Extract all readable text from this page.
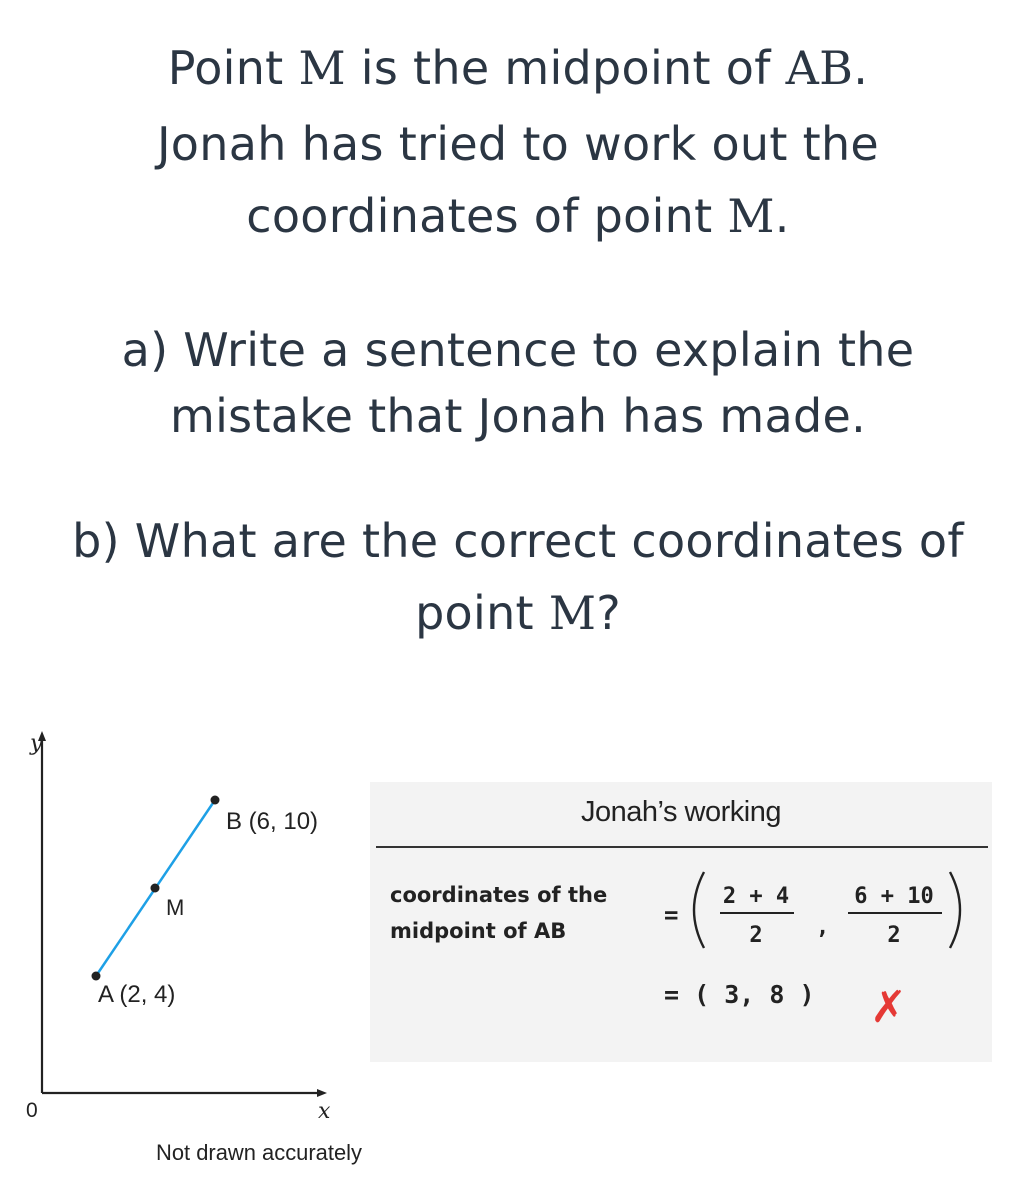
Point M is the midpoint of AB.
Jonah has tried to work out the
coordinates of point M.
a) Write a sentence to explain the
mistake that Jonah has made.
b) What are the correct coordinates of
point M?
y
x
0
B (6, 10)
M
A (2, 4)
Not drawn accurately
Jonah’s working
coordinates of the
midpoint of AB
=
2 + 4
2 ,
6 + 10
2
= ( 3, 8 ) ✗
